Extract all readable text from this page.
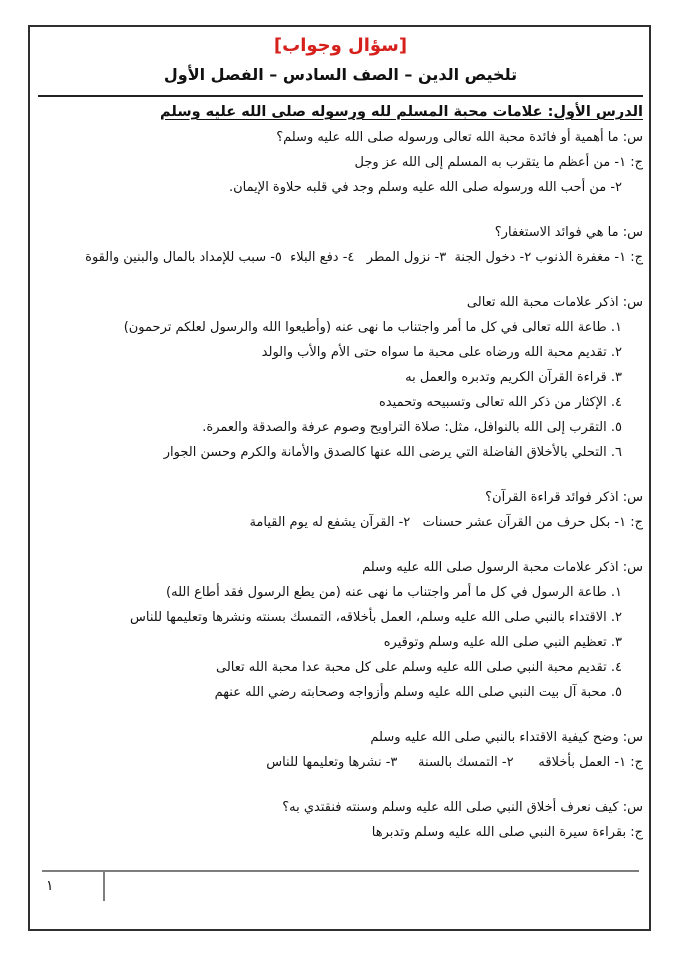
[سؤال وجواب]
تلخيص الدين – الصف السادس – الفصل الأول
الدرس الأول: علامات محبة المسلم لله ورسوله صلى الله عليه وسلم
س: ما أهمية أو فائدة محبة الله تعالى ورسوله صلى الله عليه وسلم؟
ج: ١- من أعظم ما يتقرب به المسلم إلى الله عز وجل
٢- من أحب الله ورسوله صلى الله عليه وسلم وجد في قلبه حلاوة الإيمان.
س: ما هي فوائد الاستغفار؟
ج: ١- مغفرة الذنوب ٢- دخول الجنة  ٣- نزول المطر   ٤- دفع البلاء  ٥- سبب للإمداد بالمال والبنين والقوة
س: اذكر علامات محبة الله تعالى
١. طاعة الله تعالى في كل ما أمر واجتناب ما نهى عنه (وأطيعوا الله والرسول لعلكم ترحمون)
٢. تقديم محبة الله ورضاه على محبة ما سواه حتى الأم والأب والولد
٣. قراءة القرآن الكريم وتدبره والعمل به
٤. الإكثار من ذكر الله تعالى وتسبيحه وتحميده
٥. التقرب إلى الله بالنوافل، مثل: صلاة التراويح وصوم عرفة والصدقة والعمرة.
٦. التحلي بالأخلاق الفاضلة التي يرضى الله عنها كالصدق والأمانة والكرم وحسن الجوار
س: اذكر فوائد قراءة القرآن؟
ج: ١- بكل حرف من القرآن عشر حسنات   ٢- القرآن يشفع له يوم القيامة
س: اذكر علامات محبة الرسول صلى الله عليه وسلم
١. طاعة الرسول في كل ما أمر واجتناب ما نهى عنه (من يطع الرسول فقد أطاع الله)
٢. الاقتداء بالنبي صلى الله عليه وسلم، العمل بأخلاقه، التمسك بسنته ونشرها وتعليمها للناس
٣. تعظيم النبي صلى الله عليه وسلم وتوقيره
٤. تقديم محبة النبي صلى الله عليه وسلم على كل محبة عدا محبة الله تعالى
٥. محبة آل بيت النبي صلى الله عليه وسلم وأزواجه وصحابته رضي الله عنهم
س: وضح كيفية الاقتداء بالنبي صلى الله عليه وسلم
ج: ١- العمل بأخلاقه      ٢- التمسك بالسنة     ٣- نشرها وتعليمها للناس
س: كيف نعرف أخلاق النبي صلى الله عليه وسلم وسنته فنقتدي به؟
ج: بقراءة سيرة النبي صلى الله عليه وسلم وتدبرها
١
